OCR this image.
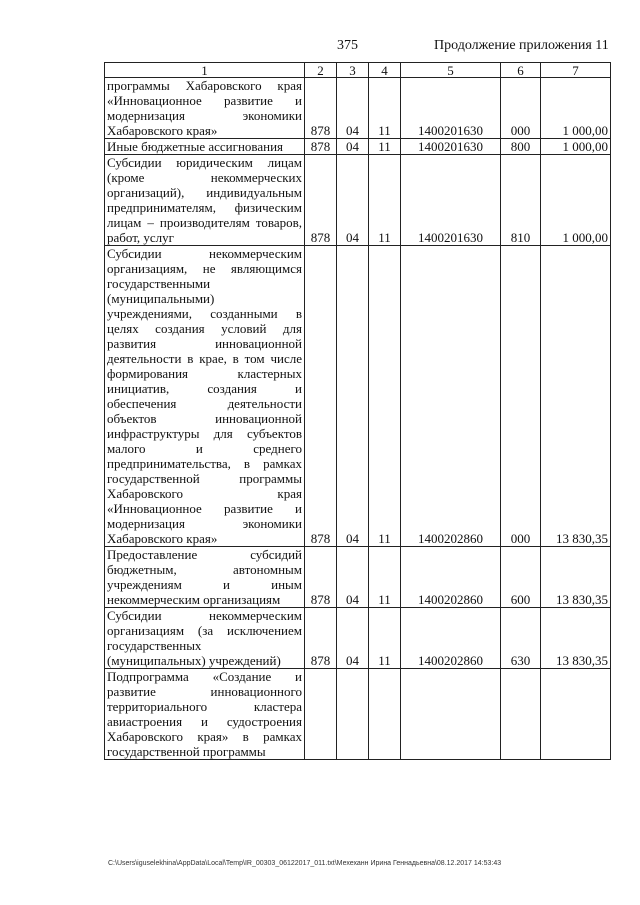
375	Продолжение приложения 11
1	2	3	4	5	6	7
программы Хабаровского края «Инновационное развитие и модернизация экономики Хабаровского края»	878	04	11	1400201630	000	1 000,00
Иные бюджетные ассигнования	878	04	11	1400201630	800	1 000,00
Субсидии юридическим лицам (кроме некоммерческих организаций), индивидуальным предпринимателям, физическим лицам – производителям товаров, работ, услуг	878	04	11	1400201630	810	1 000,00
Субсидии некоммерческим организациям, не являющимся государственными (муниципальными) учреждениями, созданными в целях создания условий для развития инновационной деятельности в крае, в том числе формирования кластерных инициатив, создания и обеспечения деятельности объектов инновационной инфраструктуры для субъектов малого и среднего предпринимательства, в рамках государственной программы Хабаровского края «Инновационное развитие и модернизация экономики Хабаровского края»	878	04	11	1400202860	000	13 830,35
Предоставление субсидий бюджетным, автономным учреждениям и иным некоммерческим организациям	878	04	11	1400202860	600	13 830,35
Субсидии некоммерческим организациям (за исключением государственных (муниципальных) учреждений)	878	04	11	1400202860	630	13 830,35
Подпрограмма «Создание и развитие инновационного территориального кластера авиастроения и судостроения Хабаровского края» в рамках государственной программы						
C:\Users\iguselekhina\AppData\Local\Temp\IR_00303_06122017_011.txt\Мехеханн Ирина Геннадьевна\08.12.2017 14:53:43
